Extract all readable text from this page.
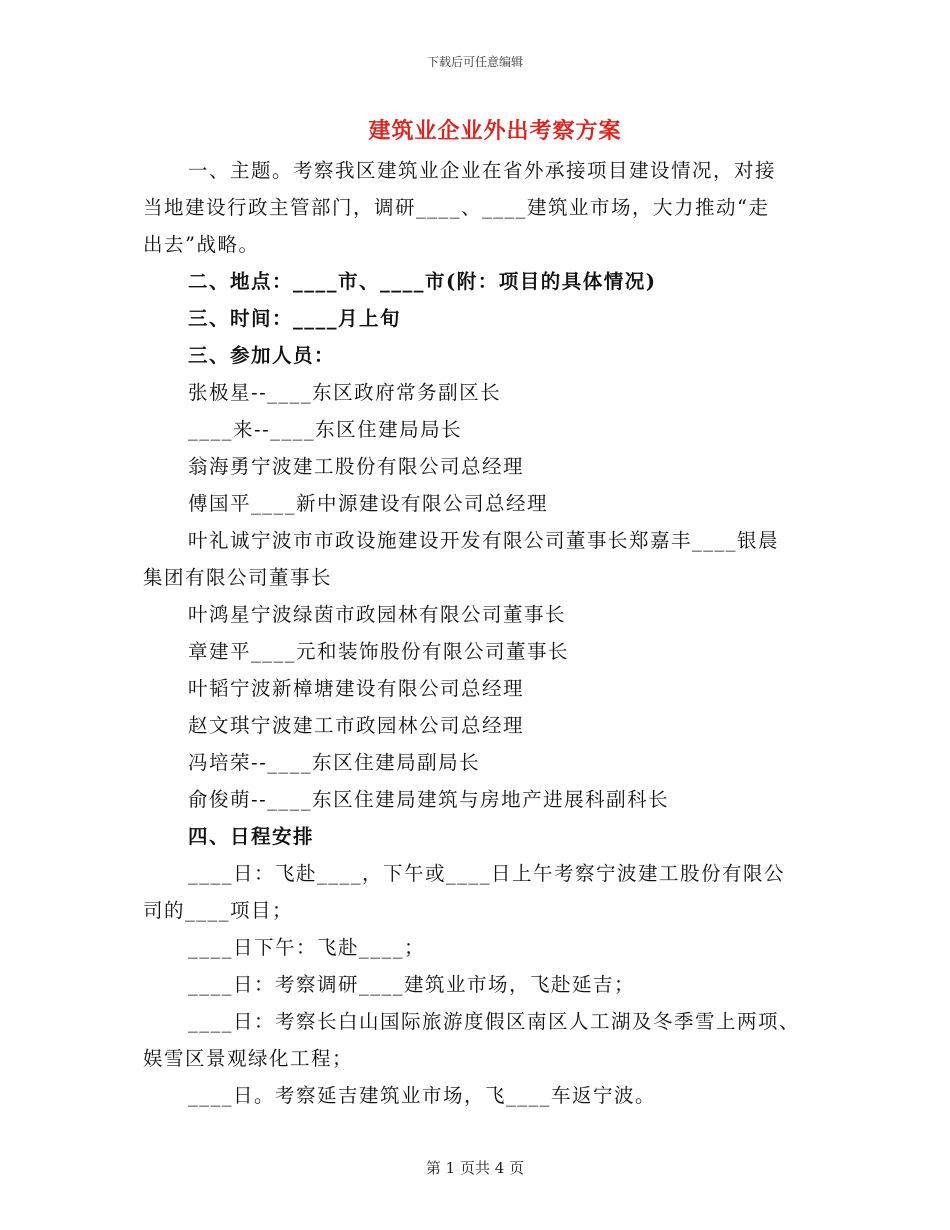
下载后可任意编辑
建筑业企业外出考察方案
一、主题。考察我区建筑业企业在省外承接项目建设情况，对接
当地建设行政主管部门，调研____、____建筑业市场，大力推动“走
出去”战略。
二、地点：____市、____市(附：项目的具体情况)
三、时间：____月上旬
三、参加人员：
张极星--____东区政府常务副区长
____来--____东区住建局局长
翁海勇宁波建工股份有限公司总经理
傅国平____新中源建设有限公司总经理
叶礼诚宁波市市政设施建设开发有限公司董事长郑嘉丰____银晨
集团有限公司董事长
叶鸿星宁波绿茵市政园林有限公司董事长
章建平____元和装饰股份有限公司董事长
叶韬宁波新樟塘建设有限公司总经理
赵文琪宁波建工市政园林公司总经理
冯培荣--____东区住建局副局长
俞俊萌--____东区住建局建筑与房地产进展科副科长
四、日程安排
____日：飞赴____，下午或____日上午考察宁波建工股份有限公
司的____项目；
____日下午：飞赴____；
____日：考察调研____建筑业市场，飞赴延吉；
____日：考察长白山国际旅游度假区南区人工湖及冬季雪上两项、
娱雪区景观绿化工程；
____日。考察延吉建筑业市场，飞____车返宁波。
第 1 页共 4 页
